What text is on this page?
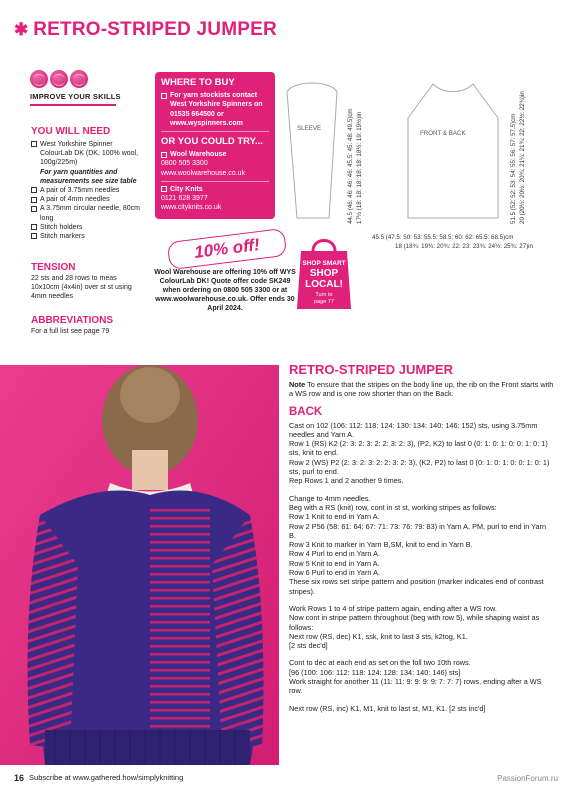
✱ RETRO-STRIPED JUMPER
IMPROVE YOUR SKILLS
YOU WILL NEED
West Yorkshire Spinner ColourLab DK (DK, 100% wool, 100g/225m)
For yarn quantities and measurements see size table
A pair of 3.75mm needles
A pair of 4mm needles
A 3.75mm circular needle, 80cm long
Stitch holders
Stitch markers
TENSION
22 sts and 28 rows to meas 10x10cm (4x4in) over st st using 4mm needles
ABBREVIATIONS
For a full list see page 79
WHERE TO BUY
For yarn stockists contact West Yorkshire Spinners on 01535 664500 or www.wyspinners.com
OR YOU COULD TRY...
Wool Warehouse
0800 505 3300
www.woolwarehouse.co.uk
City Knits
0121 628 3977
www.cityknits.co.uk
10% off!
Wool Warehouse are offering 10% off WYS ColourLab DK! Quote offer code SK249 when ordering on 0800 505 3300 or at www.woolwarehouse.co.uk. Offer ends 30 April 2024.
SHOP SMART
SHOP
LOCAL!
Turn to
page 77
SLEEVE	44.5 (46: 46: 46: 46: 45.5: 45: 48: 49.5)cm 17½ (18: 18: 18: 18: 18: 18½: 19: 19½)in	FRONT & BACK	51.5 (52: 52: 53: 54: 55: 56: 57: 57.5)cm 20 (20½: 20½: 20¾: 21¼: 21¾: 22: 22½: 22¾)in
45.5 (47.5: 50: 53: 55.5: 58.5: 60: 62: 65.5: 68.5)cm
18 (18¾: 19¾: 20¾: 22: 23: 23¾: 24½: 25¾: 27)in
RETRO-STRIPED JUMPER

Note To ensure that the stripes on the body line up, the rib on the Front starts with a WS row and is one row shorter than on the Back.

BACK

Cast on 102 (106: 112: 118: 124: 130: 134: 140: 146: 152) sts, using 3.75mm needles and Yarn A.

Row 1 (RS) K2 (2: 3: 2: 3: 2: 2: 3: 2: 3), (P2, K2) to last 0 (0: 1: 0: 1: 0: 0: 1: 0: 1) sts, knit to end.

Row 2 (WS) P2 (2: 3: 2: 3: 2: 2: 3: 2: 3), (K2, P2) to last 0 (0: 1: 0: 1: 0: 0: 1: 0: 1) sts, purl to end.

Rep Rows 1 and 2 another 9 times.

Change to 4mm needles.

Beg with a RS (knit) row, cont in st st, working stripes as follows:

Row 1 Knit to end in Yarn A.

Row 2 P56 (58: 61: 64: 67: 71: 73: 76: 79: 83) in Yarn A, PM, purl to end in Yarn B.

Row 3 Knit to marker in Yarn B,SM, knit to end in Yarn B.

Row 4 Purl to end in Yarn A.

Row 5 Knit to end in Yarn A.

Row 6 Purl to end in Yarn A.

These six rows set stripe pattern and position (marker indicates end of contrast stripes).

Work Rows 1 to 4 of stripe pattern again, ending after a WS row.

Now cont in stripe pattern throughout (beg with row 5), while shaping waist as follows:

Next row (RS, dec) K1, ssk, knit to last 3 sts, k2tog, K1.

[2 sts dec'd]

Cont to dec at each end as set on the foll two 10th rows.

[96 (100: 106: 112: 118: 124: 128: 134: 140: 146) sts]

Work straight for another 11 (11: 11: 9: 9: 9: 9: 7: 7: 7) rows, ending after a WS row.

Next row (RS, inc) K1, M1, knit to last st, M1, K1. [2 sts inc'd]

16 Subscribe at www.gathered.how/simplyknitting	PassionForum.ru
